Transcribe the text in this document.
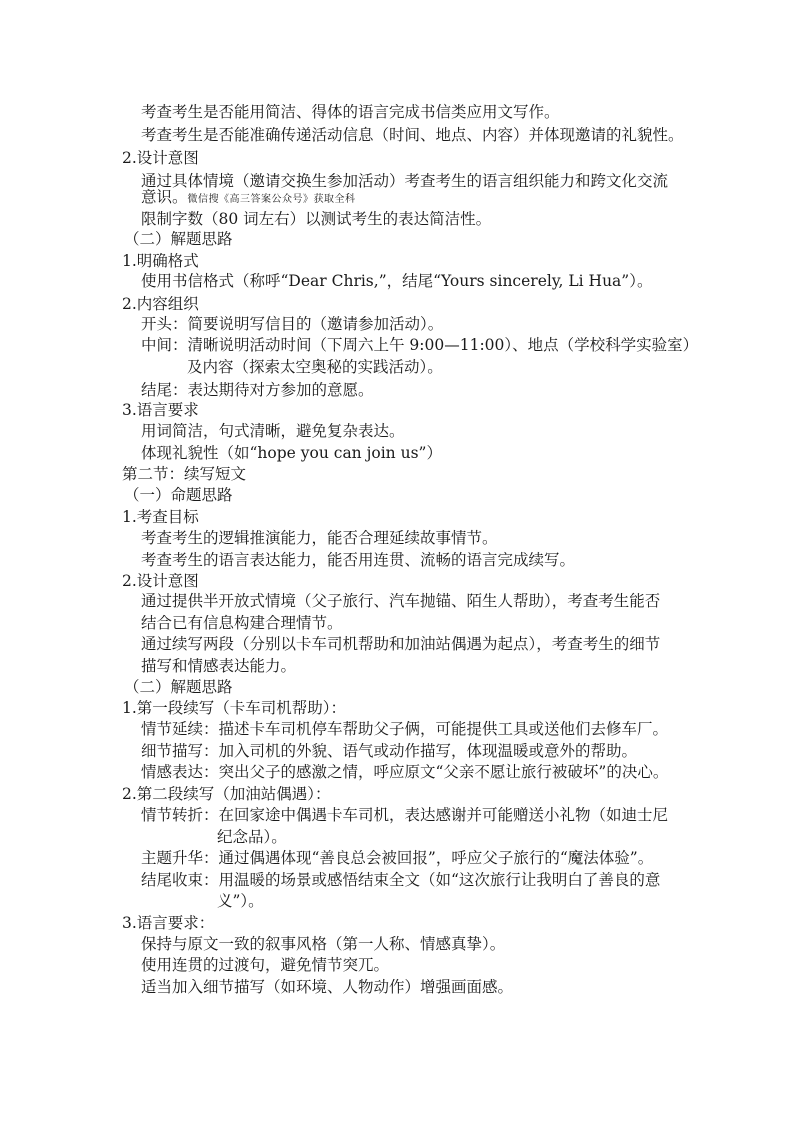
考查考生是否能用简洁、得体的语言完成书信类应用文写作。
考查考生是否能准确传递活动信息（时间、地点、内容）并体现邀请的礼貌性。
2.设计意图
通过具体情境（邀请交换生参加活动）考查考生的语言组织能力和跨文化交流
意识。微信搜《高三答案公众号》获取全科
限制字数（80 词左右）以测试考生的表达简洁性。
（二）解题思路
1.明确格式
使用书信格式（称呼“Dear Chris,”，结尾“Yours sincerely, Li Hua”）。
2.内容组织
开头：简要说明写信目的（邀请参加活动）。
中间：清晰说明活动时间（下周六上午 9:00—11:00）、地点（学校科学实验室）
及内容（探索太空奥秘的实践活动）。
结尾：表达期待对方参加的意愿。
3.语言要求
用词简洁，句式清晰，避免复杂表达。
体现礼貌性（如“hope you can join us”）
第二节：续写短文
（一）命题思路
1.考查目标
考查考生的逻辑推演能力，能否合理延续故事情节。
考查考生的语言表达能力，能否用连贯、流畅的语言完成续写。
2.设计意图
通过提供半开放式情境（父子旅行、汽车抛锚、陌生人帮助），考查考生能否
结合已有信息构建合理情节。
通过续写两段（分别以卡车司机帮助和加油站偶遇为起点），考查考生的细节
描写和情感表达能力。
（二）解题思路
1.第一段续写（卡车司机帮助）：
情节延续：描述卡车司机停车帮助父子俩，可能提供工具或送他们去修车厂。
细节描写：加入司机的外貌、语气或动作描写，体现温暖或意外的帮助。
情感表达：突出父子的感激之情，呼应原文“父亲不愿让旅行被破坏”的决心。
2.第二段续写（加油站偶遇）：
情节转折：在回家途中偶遇卡车司机，表达感谢并可能赠送小礼物（如迪士尼
纪念品）。
主题升华：通过偶遇体现“善良总会被回报”，呼应父子旅行的“魔法体验”。
结尾收束：用温暖的场景或感悟结束全文（如“这次旅行让我明白了善良的意
义”）。
3.语言要求：
保持与原文一致的叙事风格（第一人称、情感真挚）。
使用连贯的过渡句，避免情节突兀。
适当加入细节描写（如环境、人物动作）增强画面感。
